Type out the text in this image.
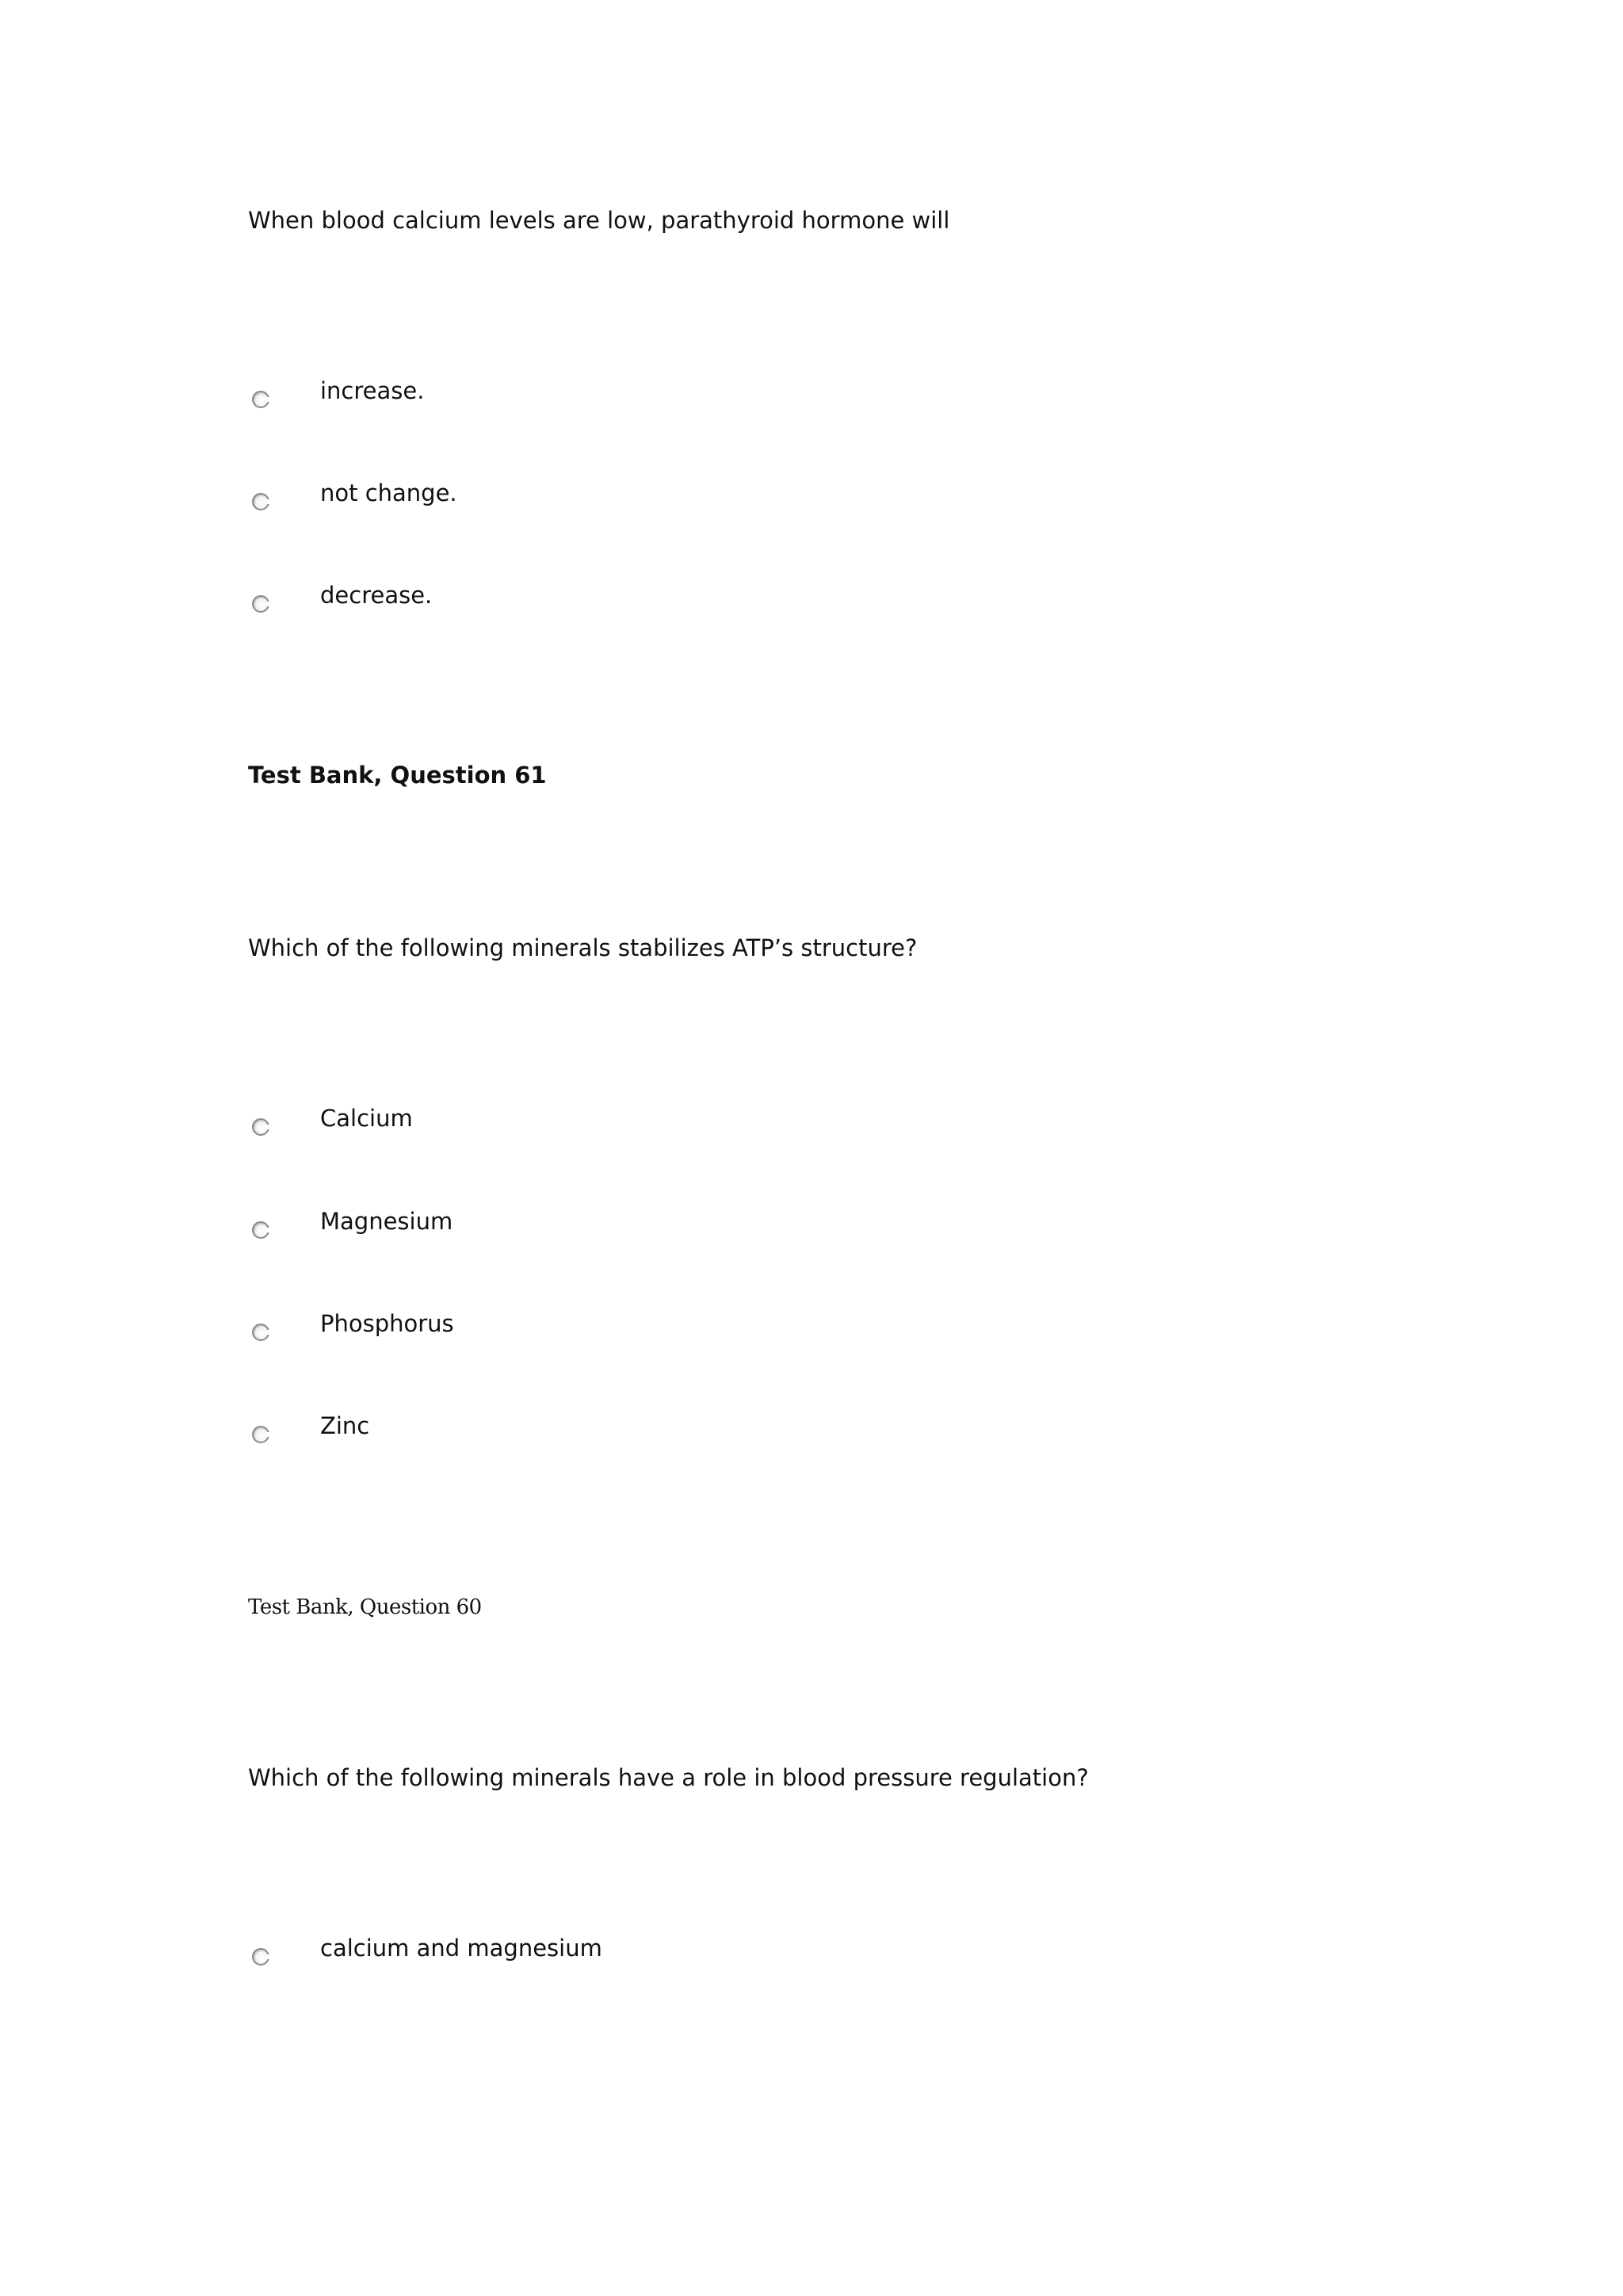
When blood calcium levels are low, parathyroid hormone will
increase.
not change.
decrease.
Test Bank, Question 61
Which of the following minerals stabilizes ATP’s structure?
Calcium
Magnesium
Phosphorus
Zinc
Test Bank, Question 60
Which of the following minerals have a role in blood pressure regulation?
calcium and magnesium
